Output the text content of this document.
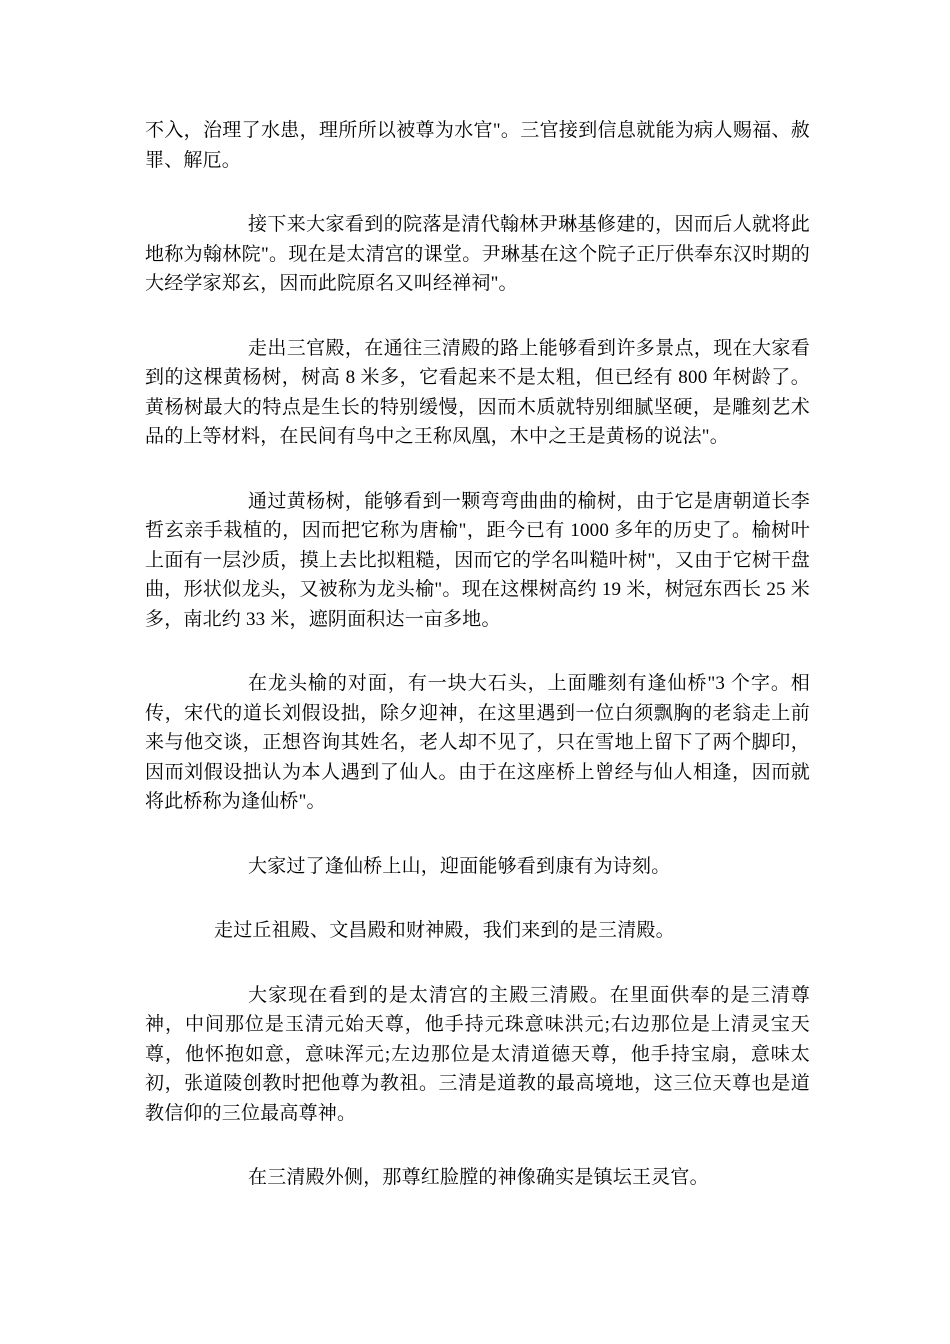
不入，治理了水患，理所所以被尊为水官"。三官接到信息就能为病人赐福、赦罪、解厄。

接下来大家看到的院落是清代翰林尹琳基修建的，因而后人就将此地称为翰林院"。现在是太清宫的课堂。尹琳基在这个院子正厅供奉东汉时期的大经学家郑玄，因而此院原名又叫经禅祠"。

走出三官殿，在通往三清殿的路上能够看到许多景点，现在大家看到的这棵黄杨树，树高 8 米多，它看起来不是太粗，但已经有 800 年树龄了。黄杨树最大的特点是生长的特别缓慢，因而木质就特别细腻坚硬，是雕刻艺术品的上等材料，在民间有鸟中之王称凤凰，木中之王是黄杨的说法"。

通过黄杨树，能够看到一颗弯弯曲曲的榆树，由于它是唐朝道长李哲玄亲手栽植的，因而把它称为唐榆"，距今已有 1000 多年的历史了。榆树叶上面有一层沙质，摸上去比拟粗糙，因而它的学名叫糙叶树"，又由于它树干盘曲，形状似龙头，又被称为龙头榆"。现在这棵树高约 19 米，树冠东西长 25 米多，南北约 33 米，遮阴面积达一亩多地。

在龙头榆的对面，有一块大石头，上面雕刻有逢仙桥"3 个字。相传，宋代的道长刘假设拙，除夕迎神，在这里遇到一位白须飘胸的老翁走上前来与他交谈，正想咨询其姓名，老人却不见了，只在雪地上留下了两个脚印，因而刘假设拙认为本人遇到了仙人。由于在这座桥上曾经与仙人相逢，因而就将此桥称为逢仙桥"。

大家过了逢仙桥上山，迎面能够看到康有为诗刻。

走过丘祖殿、文昌殿和财神殿，我们来到的是三清殿。

大家现在看到的是太清宫的主殿三清殿。在里面供奉的是三清尊神，中间那位是玉清元始天尊，他手持元珠意味洪元;右边那位是上清灵宝天尊，他怀抱如意，意味浑元;左边那位是太清道德天尊，他手持宝扇，意味太初，张道陵创教时把他尊为教祖。三清是道教的最高境地，这三位天尊也是道教信仰的三位最高尊神。

在三清殿外侧，那尊红脸膛的神像确实是镇坛王灵官。
